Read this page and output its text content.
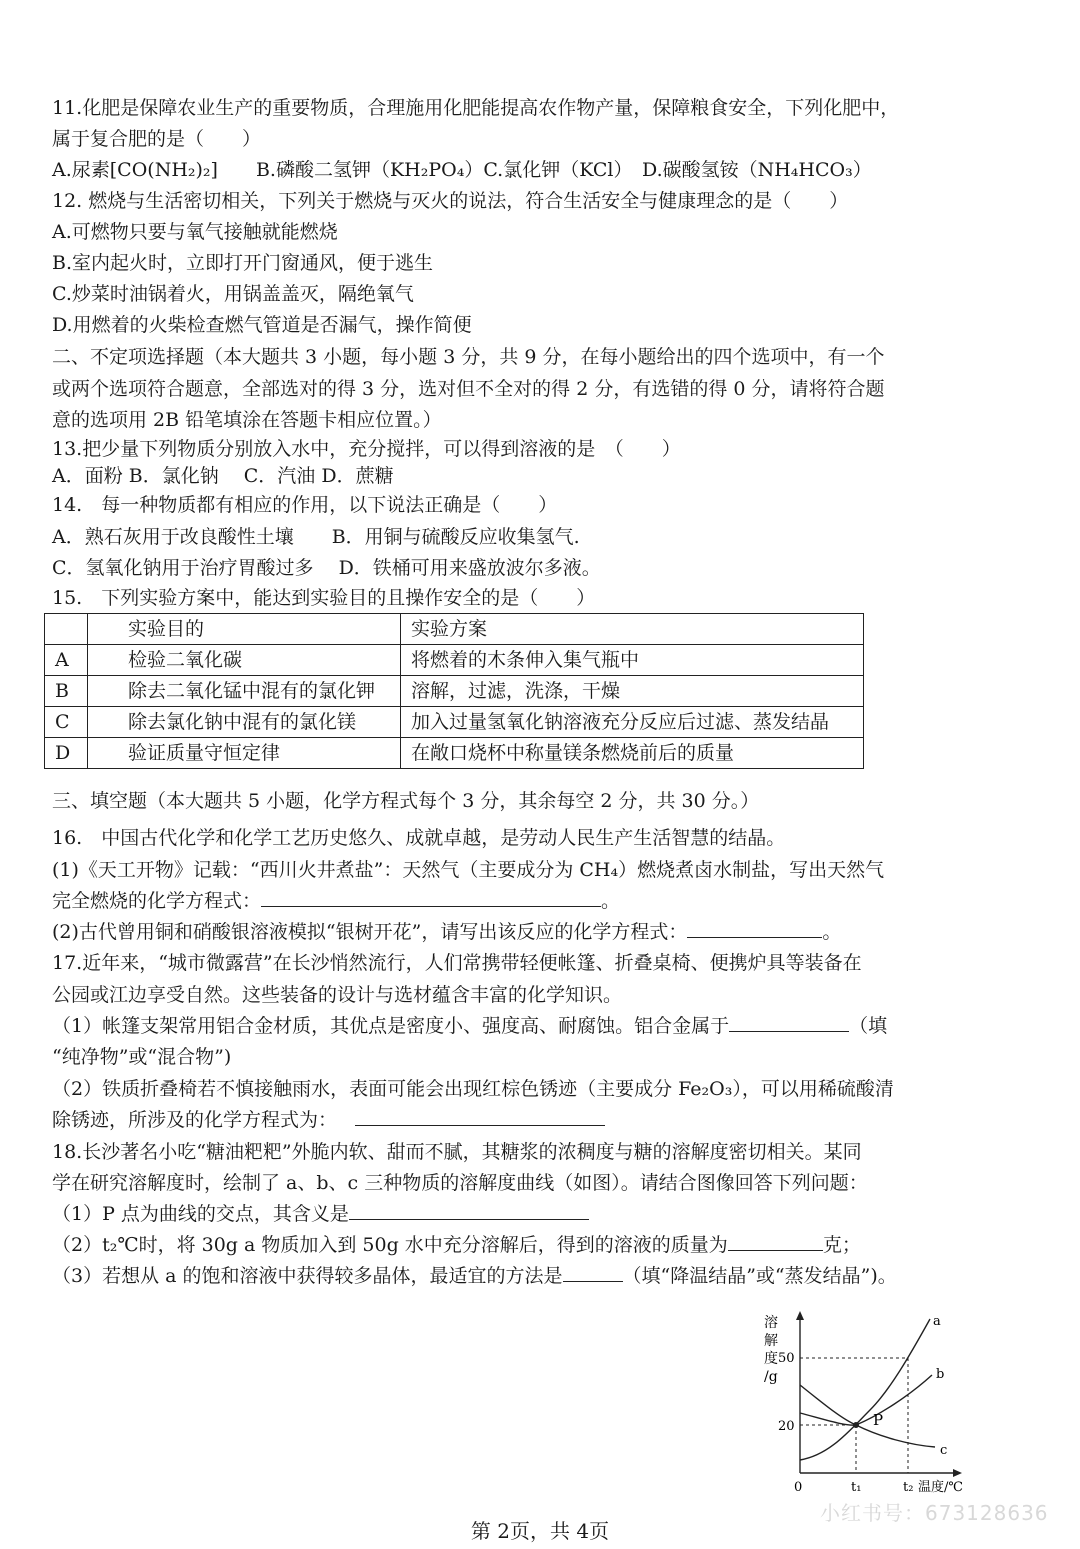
11.化肥是保障农业生产的重要物质，合理施用化肥能提高农作物产量，保障粮食安全，下列化肥中，
属于复合肥的是（　　）
A.尿素[CO(NH₂)₂]　　B.磷酸二氢钾（KH₂PO₄）C.氯化钾（KCl）　D.碳酸氢铵（NH₄HCO₃）
12. 燃烧与生活密切相关，下列关于燃烧与灭火的说法，符合生活安全与健康理念的是（　　）
A.可燃物只要与氧气接触就能燃烧
B.室内起火时，立即打开门窗通风，便于逃生
C.炒菜时油锅着火，用锅盖盖灭，隔绝氧气
D.用燃着的火柴检查燃气管道是否漏气，操作简便
二、不定项选择题（本大题共 3 小题，每小题 3 分，共 9 分，在每小题给出的四个选项中，有一个
或两个选项符合题意，全部选对的得 3 分，选对但不全对的得 2 分，有选错的得 0 分，请将符合题
意的选项用 2B 铅笔填涂在答题卡相应位置。）
13.把少量下列物质分别放入水中，充分搅拌，可以得到溶液的是　（　　）
A．面粉 B．氯化钠　 C．汽油 D．蔗糖
14.　每一种物质都有相应的作用，以下说法正确是（　　）
A．熟石灰用于改良酸性土壤　　B．用铜与硫酸反应收集氢气.
C．氢氧化钠用于治疗胃酸过多　 D．铁桶可用来盛放波尔多液。
15.　下列实验方案中，能达到实验目的且操作安全的是（　　）
	实验目的	实验方案
A	检验二氧化碳	将燃着的木条伸入集气瓶中
B	除去二氧化锰中混有的氯化钾	溶解，过滤，洗涤，干燥
C	除去氯化钠中混有的氯化镁	加入过量氢氧化钠溶液充分反应后过滤、蒸发结晶
D	验证质量守恒定律	在敞口烧杯中称量镁条燃烧前后的质量
三、填空题（本大题共 5 小题，化学方程式每个 3 分，其余每空 2 分，共 30 分。）
16.　中国古代化学和化学工艺历史悠久、成就卓越，是劳动人民生产生活智慧的结晶。
(1)《天工开物》记载：“西川火井煮盐”：天然气（主要成分为 CH₄）燃烧煮卤水制盐，写出天然气
完全燃烧的化学方程式：	。
(2)古代曾用铜和硝酸银溶液模拟“银树开花”，请写出该反应的化学方程式：	。
17.近年来，“城市微露营”在长沙悄然流行，人们常携带轻便帐篷、折叠桌椅、便携炉具等装备在
公园或江边享受自然。这些装备的设计与选材蕴含丰富的化学知识。
（1）帐篷支架常用铝合金材质，其优点是密度小、强度高、耐腐蚀。铝合金属于	（填
“纯净物”或“混合物”)
（2）铁质折叠椅若不慎接触雨水，表面可能会出现红棕色锈迹（主要成分 Fe₂O₃），可以用稀硫酸清
除锈迹，所涉及的化学方程式为：
18.长沙著名小吃“糖油粑粑”外脆内软、甜而不腻，其糖浆的浓稠度与糖的溶解度密切相关。某同
学在研究溶解度时，绘制了 a、b、c 三种物质的溶解度曲线（如图）。请结合图像回答下列问题：
（1）P 点为曲线的交点，其含义是
（2）t₂℃时，将 30g a 物质加入到 50g 水中充分溶解后，得到的溶液的质量为	克；
（3）若想从 a 的饱和溶液中获得较多晶体，最适宜的方法是	（填“降温结晶”或“蒸发结晶”)。
溶
解
度
/g
50
20
0	t₁	t₂ 温度/℃
a
b
c
P
小红书号：673128636
第 2页，共 4页
